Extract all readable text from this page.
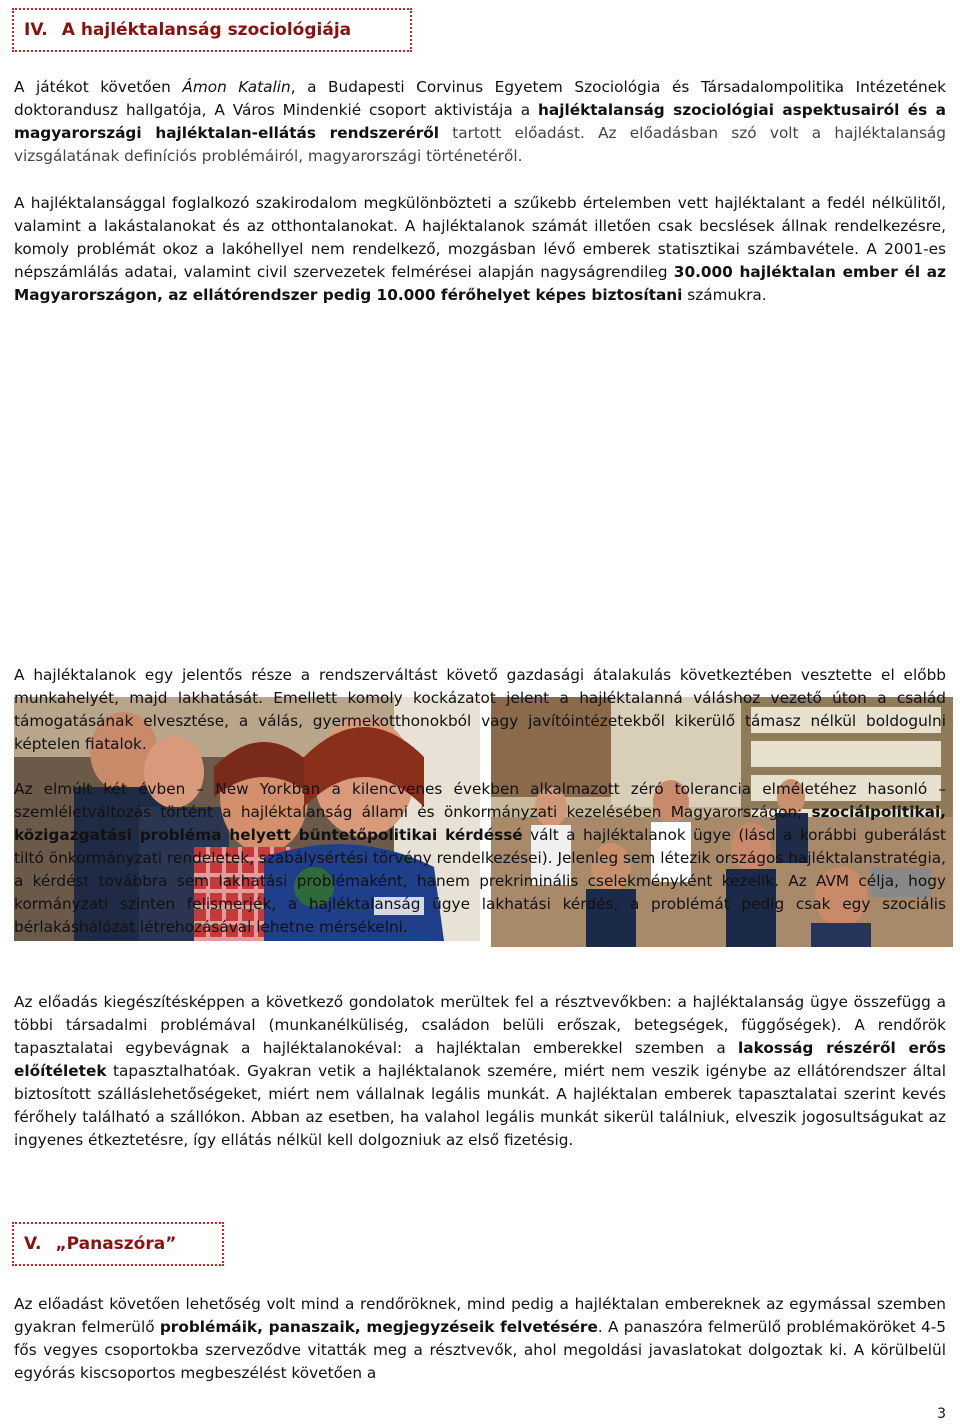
IV. A hajléktalanság szociológiája

A játékot követően Ámon Katalin, a Budapesti Corvinus Egyetem Szociológia és Társadalompolitika Intézetének doktorandusz hallgatója, A Város Mindenkié csoport aktivistája a hajléktalanság szociológiai aspektusairól és a magyarországi hajléktalan-ellátás rendszeréről tartott előadást. Az előadásban szó volt a hajléktalanság vizsgálatának definíciós problémáiról, magyarországi történetéről.

A hajléktalansággal foglalkozó szakirodalom megkülönbözteti a szűkebb értelemben vett hajléktalant a fedél nélkülitől, valamint a lakástalanokat és az otthontalanokat. A hajléktalanok számát illetően csak becslések állnak rendelkezésre, komoly problémát okoz a lakóhellyel nem rendelkező, mozgásban lévő emberek statisztikai számbavétele. A 2001-es népszámlálás adatai, valamint civil szervezetek felmérései alapján nagyságrendileg 30.000 hajléktalan ember él az Magyarországon, az ellátórendszer pedig 10.000 férőhelyet képes biztosítani számukra.

A hajléktalanok egy jelentős része a rendszerváltást követő gazdasági átalakulás következtében vesztette el előbb munkahelyét, majd lakhatását. Emellett komoly kockázatot jelent a hajléktalanná váláshoz vezető úton a család támogatásának elvesztése, a válás, gyermekotthonokból vagy javítóintézetekből kikerülő támasz nélkül boldogulni képtelen fiatalok.

Az elmúlt két évben – New Yorkban a kilencvenes években alkalmazott zéró tolerancia elméletéhez hasonló – szemléletváltozás történt a hajléktalanság állami és önkormányzati kezelésében Magyarországon; szociálpolitikai, közigazgatási probléma helyett büntetőpolitikai kérdéssé vált a hajléktalanok ügye (lásd a korábbi guberálást tiltó önkormányzati rendeletek, szabálysértési törvény rendelkezései). Jelenleg sem létezik országos hajléktalanstratégia, a kérdést továbbra sem lakhatási problémaként, hanem prekriminális cselekményként kezelik. Az AVM célja, hogy kormányzati szinten felismerjék, a hajléktalanság ügye lakhatási kérdés, a problémát pedig csak egy szociális bérlakáshálózat létrehozásával lehetne mérsékelni.

Az előadás kiegészítésképpen a következő gondolatok merültek fel a résztvevőkben: a hajléktalanság ügye összefügg a többi társadalmi problémával (munkanélküliség, családon belüli erőszak, betegségek, függőségek). A rendőrök tapasztalatai egybevágnak a hajléktalanokéval: a hajléktalan emberekkel szemben a lakosság részéről erős előítéletek tapasztalhatóak. Gyakran vetik a hajléktalanok szemére, miért nem veszik igénybe az ellátórendszer által biztosított szálláslehetőségeket, miért nem vállalnak legális munkát. A hajléktalan emberek tapasztalatai szerint kevés férőhely található a szállókon. Abban az esetben, ha valahol legális munkát sikerül találniuk, elveszik jogosultságukat az ingyenes étkeztetésre, így ellátás nélkül kell dolgozniuk az első fizetésig.

V. „Panaszóra”

Az előadást követően lehetőség volt mind a rendőröknek, mind pedig a hajléktalan embereknek az egymással szemben gyakran felmerülő problémáik, panaszaik, megjegyzéseik felvetésére. A panaszóra felmerülő problémaköröket 4-5 fős vegyes csoportokba szerveződve vitatták meg a résztvevők, ahol megoldási javaslatokat dolgoztak ki. A körülbelül egyórás kiscsoportos megbeszélést követően a

3
